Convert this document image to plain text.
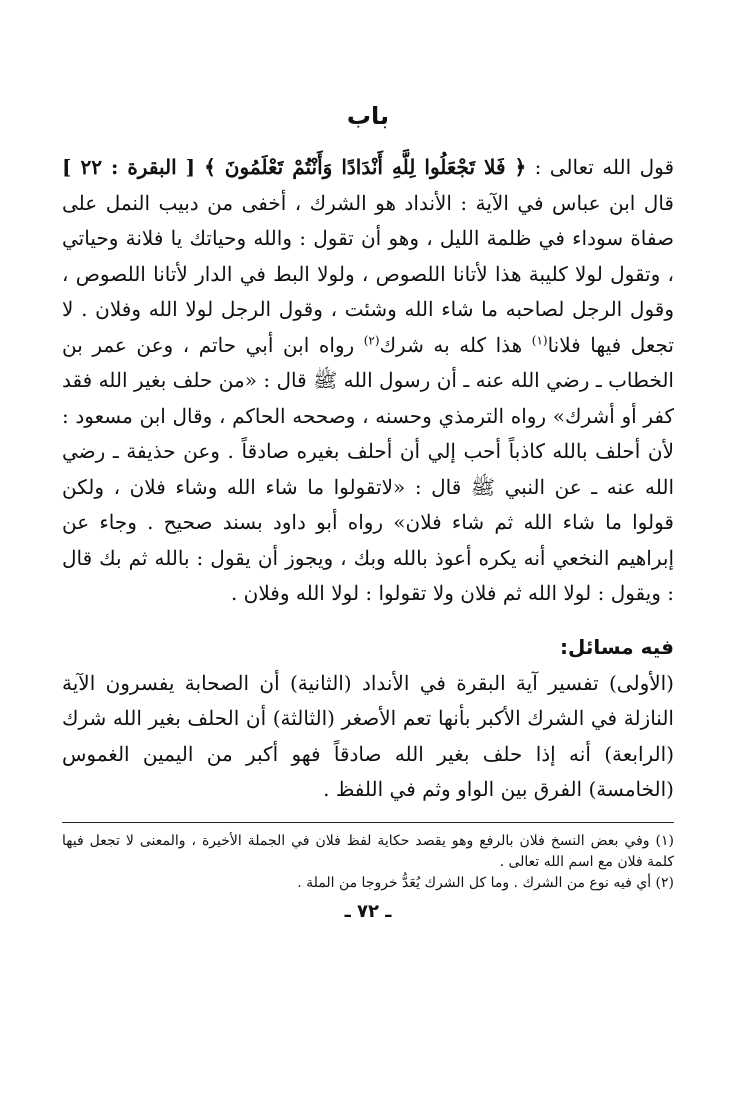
باب

قول الله تعالى : ﴿ فَلا تَجْعَلُوا لِلَّهِ أَنْدَادًا وَأَنْتُمْ تَعْلَمُونَ ﴾ [ البقرة : ٢٢ ] قال ابن عباس في الآية : الأنداد هو الشرك ، أخفى من دبيب النمل على صفاة سوداء في ظلمة الليل ، وهو أن تقول : والله وحياتك يا فلانة وحياتي ، وتقول لولا كليبة هذا لأتانا اللصوص ، ولولا البط في الدار لأتانا اللصوص ، وقول الرجل لصاحبه ما شاء الله وشئت ، وقول الرجل لولا الله وفلان . لا تجعل فيها فلانا$^{(١)}$ هذا كله به شرك$^{(٢)}$ رواه ابن أبي حاتم ، وعن عمر بن الخطاب ـ رضي الله عنه ـ أن رسول الله ﷺ قال : «من حلف بغير الله فقد كفر أو أشرك» رواه الترمذي وحسنه ، وصححه الحاكم ، وقال ابن مسعود : لأن أحلف بالله كاذباً أحب إلي أن أحلف بغيره صادقاً . وعن حذيفة ـ رضي الله عنه ـ عن النبي ﷺ قال : «لاتقولوا ما شاء الله وشاء فلان ، ولكن قولوا ما شاء الله ثم شاء فلان» رواه أبو داود بسند صحيح . وجاء عن إبراهيم النخعي أنه يكره أعوذ بالله وبك ، ويجوز أن يقول : بالله ثم بك قال : ويقول : لولا الله ثم فلان ولا تقولوا : لولا الله وفلان .

فيه مسائل:

(الأولى) تفسير آية البقرة في الأنداد (الثانية) أن الصحابة يفسرون الآية النازلة في الشرك الأكبر بأنها تعم الأصغر (الثالثة) أن الحلف بغير الله شرك (الرابعة) أنه إذا حلف بغير الله صادقاً فهو أكبر من اليمين الغموس (الخامسة) الفرق بين الواو وثم في اللفظ .

(١) وفي بعض النسخ فلان بالرفع وهو يقصد حكاية لفظ فلان في الجملة الأخيرة ، والمعنى لا تجعل فيها كلمة فلان مع اسم الله تعالى .

(٢) أي فيه نوع من الشرك . وما كل الشرك يُعَدُّ خروجا من الملة .

ـ ٧٢ ـ
